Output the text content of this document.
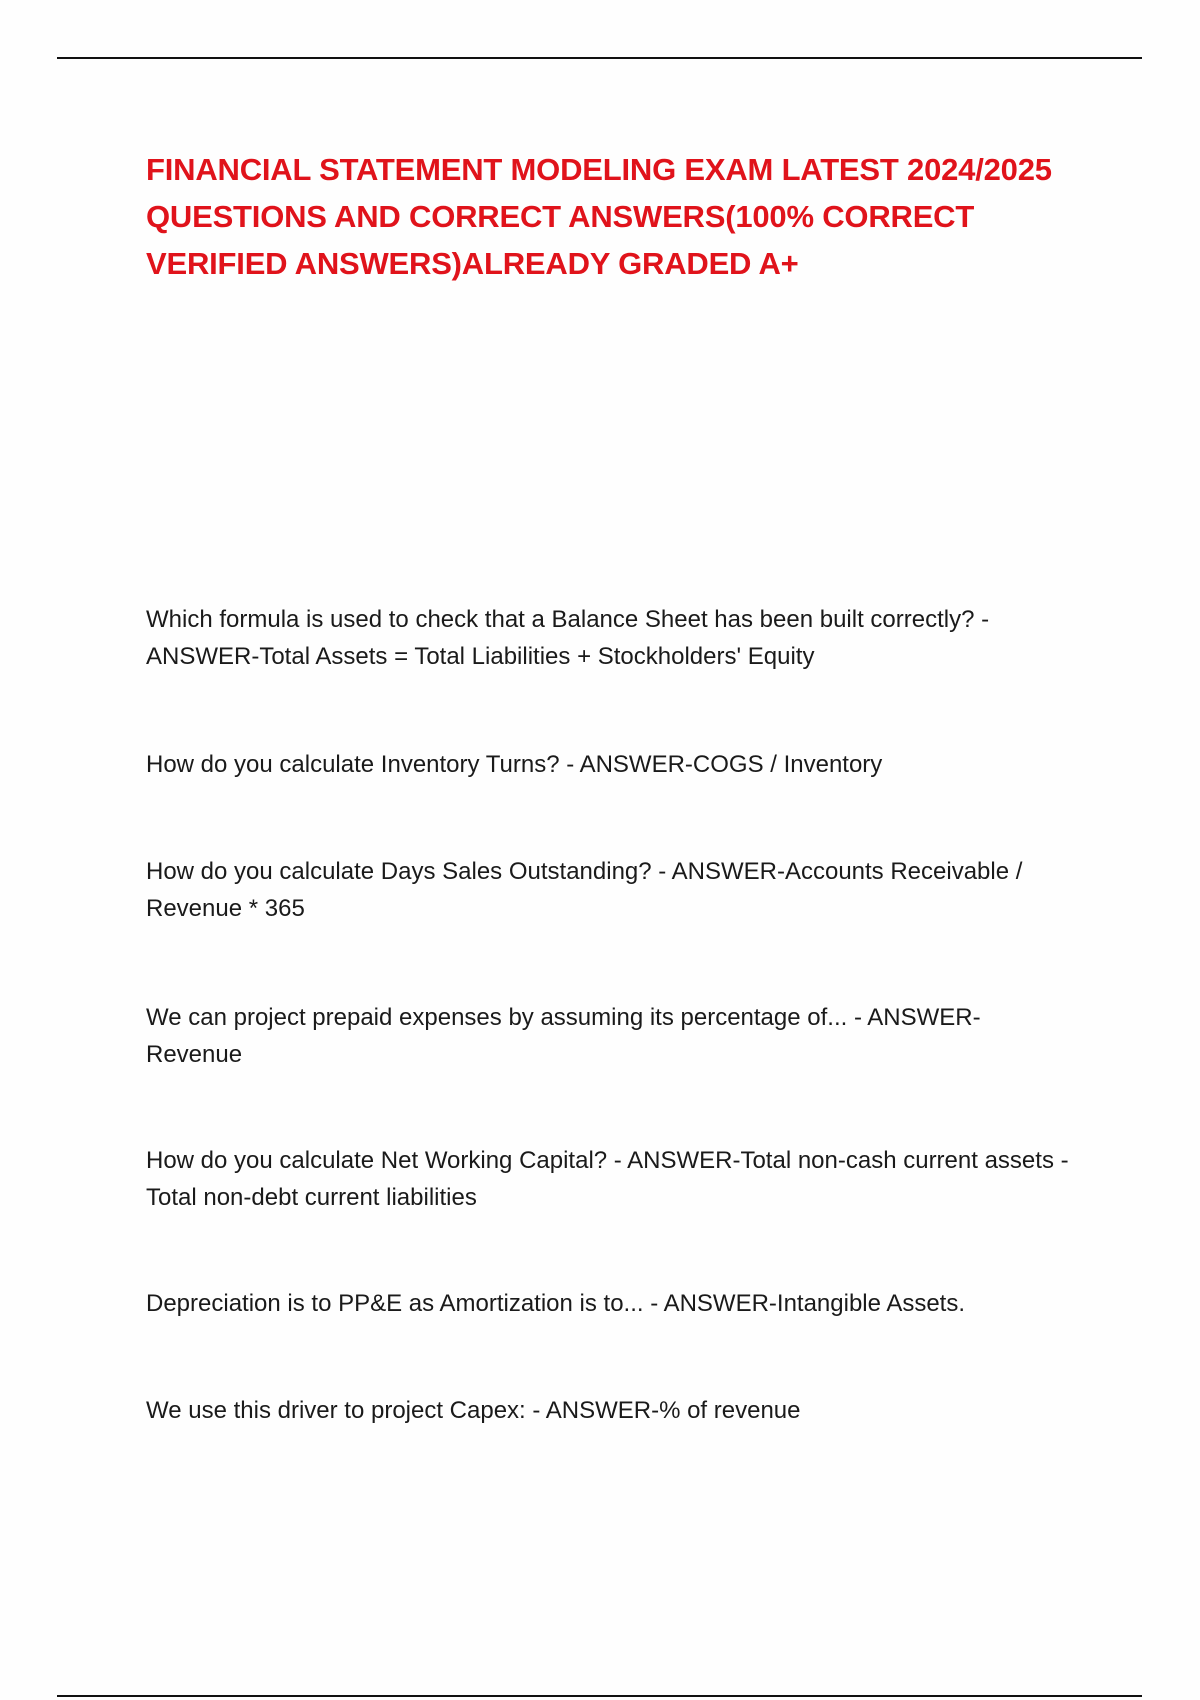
FINANCIAL STATEMENT MODELING EXAM LATEST 2024/2025 QUESTIONS AND CORRECT ANSWERS(100% CORRECT VERIFIED ANSWERS)ALREADY GRADED A+

Which formula is used to check that a Balance Sheet has been built correctly? - ANSWER-Total Assets = Total Liabilities + Stockholders' Equity

How do you calculate Inventory Turns? - ANSWER-COGS / Inventory

How do you calculate Days Sales Outstanding? - ANSWER-Accounts Receivable / Revenue * 365

We can project prepaid expenses by assuming its percentage of... - ANSWER-Revenue

How do you calculate Net Working Capital? - ANSWER-Total non-cash current assets - Total non-debt current liabilities

Depreciation is to PP&E as Amortization is to... - ANSWER-Intangible Assets.

We use this driver to project Capex: - ANSWER-% of revenue
